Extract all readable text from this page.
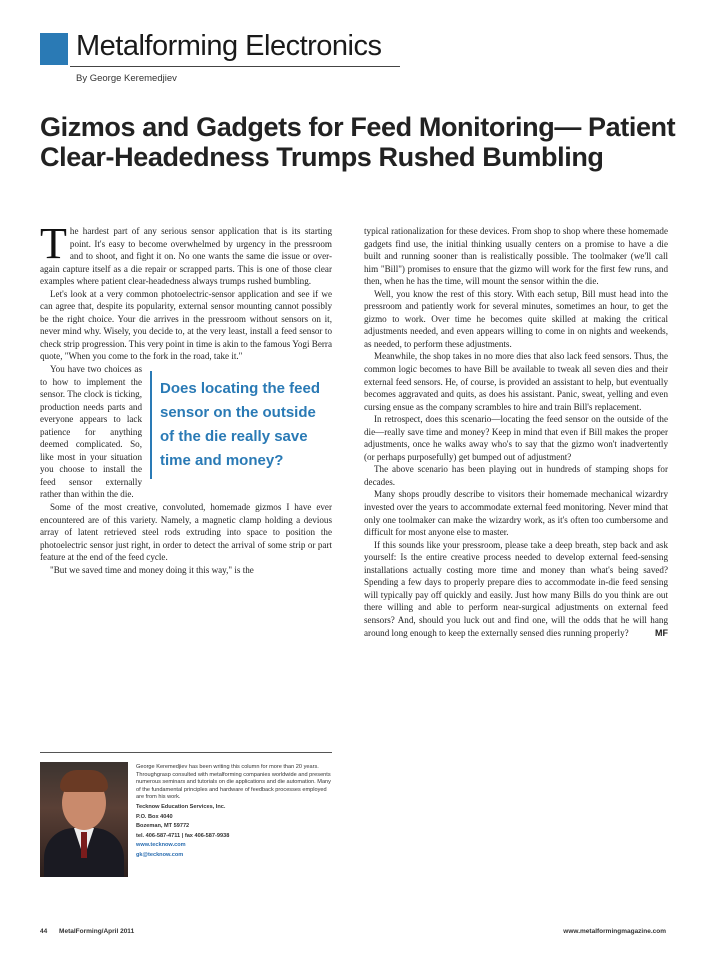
Metalforming Electronics
By George Keremedjiev
Gizmos and Gadgets for Feed Monitoring— Patient Clear-Headedness Trumps Rushed Bumbling

The hardest part of any serious sensor application that is its starting point. It's easy to become overwhelmed by urgency in the pressroom and to shoot, and fight it on. No one wants the same die issue or over-again capture itself as a die repair or scrapped parts. This is one of those clear examples where patient clear-headedness always trumps rushed bumbling.

Let's look at a very common photoelectric-sensor application and see if we can agree that, despite its popularity, external sensor mounting cannot possibly be the right choice. Your die arrives in the pressroom without sensors on it, never mind why. Wisely, you decide to, at the very least, install a feed sensor to check strip progression. This very point in time is akin to the famous Yogi Berra quote, "When you come to the fork in the road, take it."

Does locating the feed sensor on the outside of the die really save time and money?
You have two choices as to how to implement the sensor. The clock is ticking, production needs parts and everyone appears to lack patience for anything deemed complicated. So, like most in your situation you choose to install the feed sensor externally rather than within the die.

Some of the most creative, convoluted, homemade gizmos I have ever encountered are of this variety. Namely, a magnetic clamp holding a devious array of latent retrieved steel rods extruding into space to position the photoelectric sensor just right, in order to detect the arrival of some strip or part feature at the end of the feed cycle.

"But we saved time and money doing it this way," is the

typical rationalization for these devices. From shop to shop where these homemade gadgets find use, the initial thinking usually centers on a promise to have a die built and running sooner than is realistically possible. The toolmaker (we'll call him "Bill") promises to ensure that the gizmo will work for the first few runs, and then, when he has the time, will mount the sensor within the die.

Well, you know the rest of this story. With each setup, Bill must head into the pressroom and patiently work for several minutes, sometimes an hour, to get the gizmo to work. Over time he becomes quite skilled at making the critical adjustments needed, and even appears willing to come in on nights and weekends, as needed, to perform these adjustments.

Meanwhile, the shop takes in no more dies that also lack feed sensors. Thus, the common logic becomes to have Bill be available to tweak all seven dies and their external feed sensors. He, of course, is provided an assistant to help, but eventually becomes aggravated and quits, as does his assistant. Panic, sweat, yelling and even cursing ensue as the company scrambles to hire and train Bill's replacement.

In retrospect, does this scenario—locating the feed sensor on the outside of the die—really save time and money? Keep in mind that even if Bill makes the proper adjustments, once he walks away who's to say that the gizmo won't inadvertently (or perhaps purposefully) get bumped out of adjustment?

The above scenario has been playing out in hundreds of stamping shops for decades.

Many shops proudly describe to visitors their homemade mechanical wizardry invested over the years to accommodate external feed monitoring. Never mind that only one toolmaker can make the wizardry work, as it's often too cumbersome and difficult for most anyone else to master.

If this sounds like your pressroom, please take a deep breath, step back and ask yourself: Is the entire creative process needed to develop external feed-sensing installations actually costing more time and money than what's being saved? Spending a few days to properly prepare dies to accommodate in-die feed sensing will typically pay off quickly and easily. Just how many Bills do you think are out there willing and able to perform near-surgical adjustments on external feed sensors? And, should you luck out and find one, will the odds that he will hang around long enough to keep the externally sensed dies running properly?	MF

George Keremedjiev has been writing this column for more than 20 years. Throughgrasp consulted with metalforming companies worldwide and presents numerous seminars and tutorials on die applications and die automation. Many of the fundamental principles and hardware of feedback processes employed are from his work.
Tecknow Education Services, Inc.
P.O. Box 4040
Bozeman, MT 59772
tel. 406-587-4711 | fax 406-587-9938
www.tecknow.com
gk@tecknow.com
44 MetalForming/April 2011	www.metalformingmagazine.com
